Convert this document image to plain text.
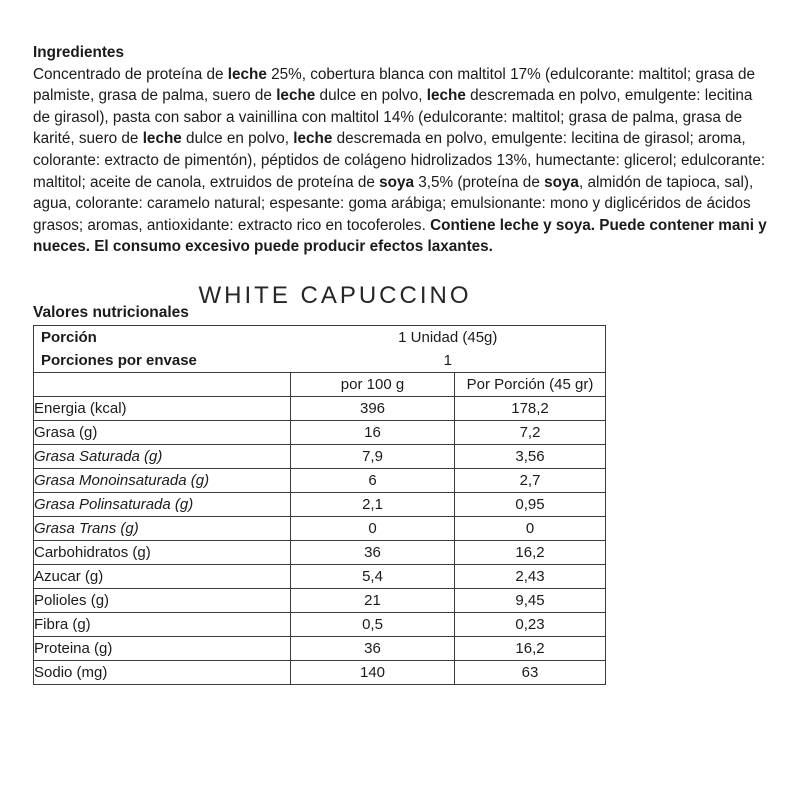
Ingredientes
Concentrado de proteína de leche 25%, cobertura blanca con maltitol 17% (edulcorante: maltitol; grasa de palmiste, grasa de palma, suero de leche dulce en polvo, leche descremada en polvo, emulgente: lecitina de girasol), pasta con sabor a vainillina con maltitol 14% (edulcorante: maltitol; grasa de palma, grasa de karité, suero de leche dulce en polvo, leche descremada en polvo, emulgente: lecitina de girasol; aroma, colorante: extracto de pimentón), péptidos de colágeno hidrolizados 13%, humectante: glicerol; edulcorante: maltitol; aceite de canola, extruidos de proteína de soya 3,5% (proteína de soya, almidón de tapioca, sal), agua, colorante: caramelo natural; espesante: goma arábiga; emulsionante: mono y diglicéridos de ácidos grasos; aromas, antioxidante: extracto rico en tocoferoles. Contiene leche y soya. Puede contener mani y nueces. El consumo excesivo puede producir efectos laxantes.
WHITE CAPUCCINO
Valores nutricionales
Porción	1 Unidad (45g)	
Porciones por envase	1	
	por 100 g	Por Porción (45 gr)
Energia (kcal)	396	178,2
Grasa (g)	16	7,2
Grasa Saturada (g)	7,9	3,56
Grasa Monoinsaturada (g)	6	2,7
Grasa Polinsaturada (g)	2,1	0,95
Grasa Trans (g)	0	0
Carbohidratos (g)	36	16,2
Azucar (g)	5,4	2,43
Polioles (g)	21	9,45
Fibra (g)	0,5	0,23
Proteina (g)	36	16,2
Sodio (mg)	140	63
